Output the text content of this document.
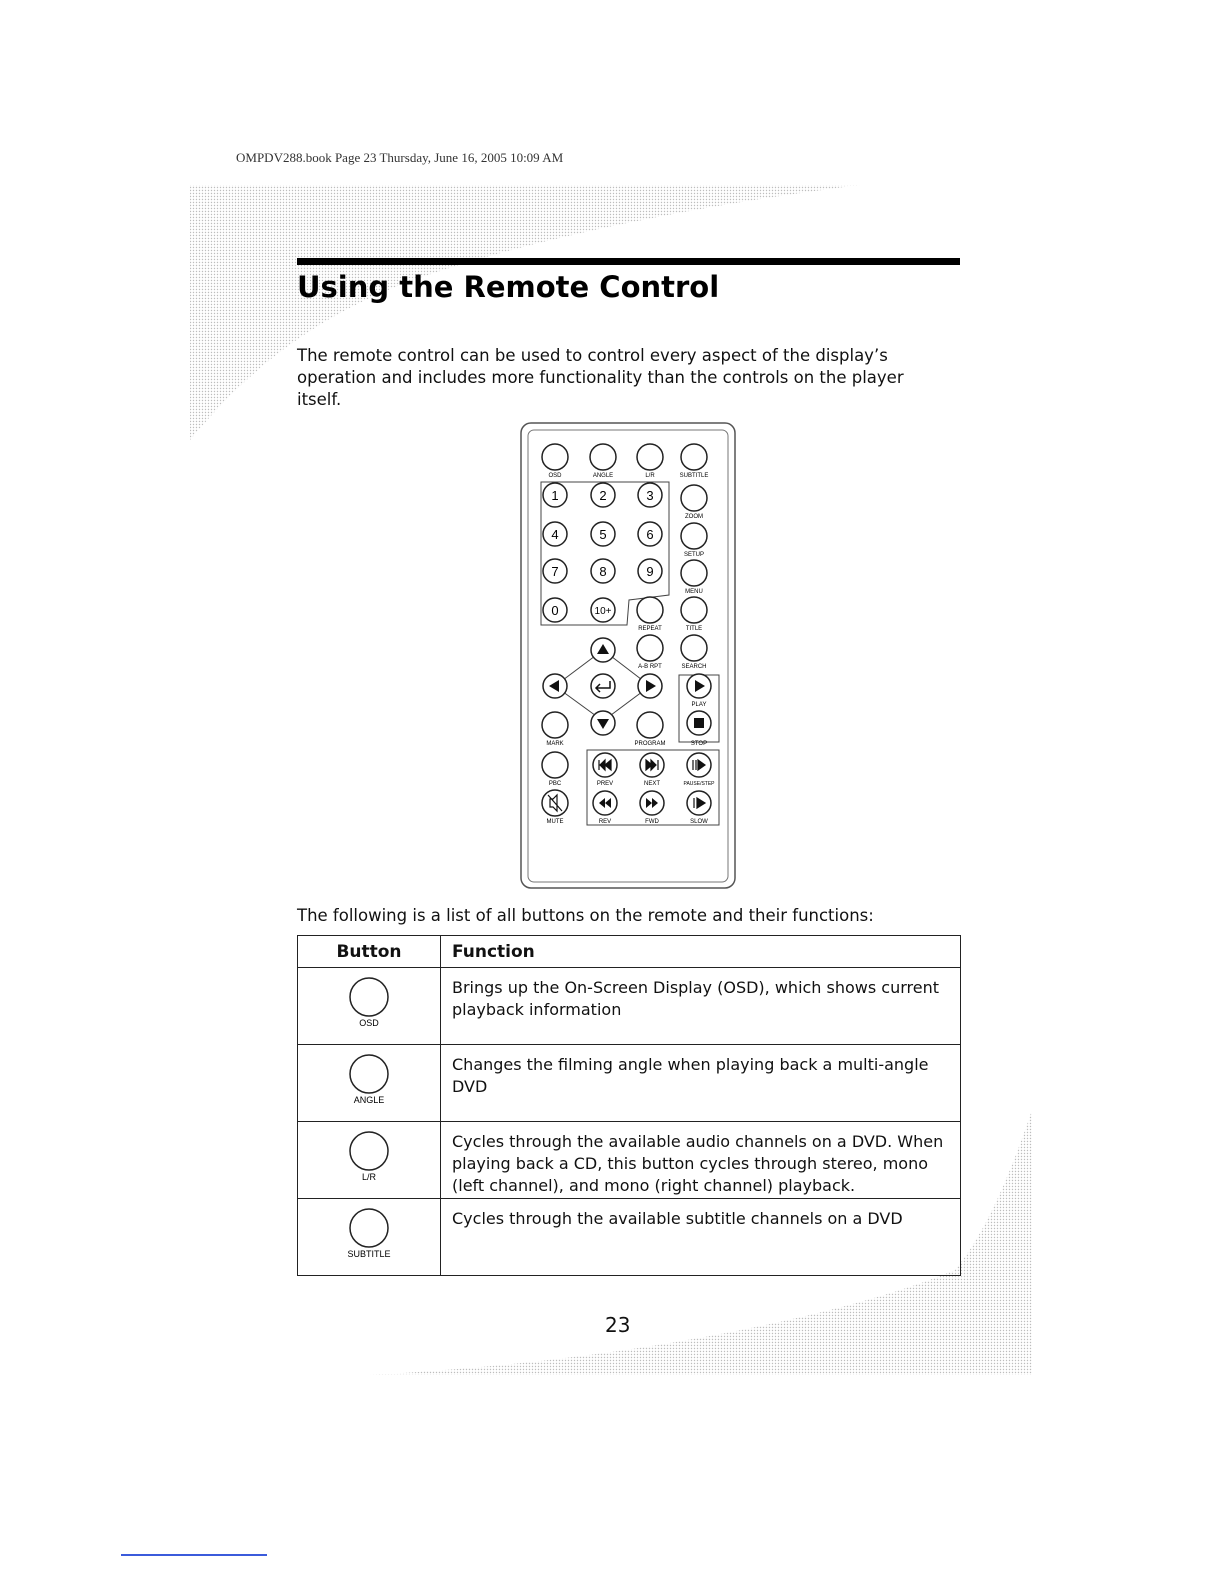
OMPDV288.book Page 23 Thursday, June 16, 2005 10:09 AM
Using the Remote Control

The remote control can be used to control every aspect of the display’s operation and includes more functionality than the controls on the player itself.

OSD	ANGLE	L/R	SUBTITLE
1	2	3
ZOOM
4	5	6
SETUP
7	8	9
MENU
0	10+
REPEAT	TITLE
A-B RPT	SEARCH
PLAY
MARK	PROGRAM	STOP
PBC	PREV	NEXT	PAUSE/STEP
MUTE	REV	FWD	SLOW

The following is a list of all buttons on the remote and their functions:

Button	Function

OSD	Brings up the On-Screen Display (OSD), which shows current playback information

ANGLE	Changes the filming angle when playing back a multi-angle DVD

L/R	Cycles through the available audio channels on a DVD. When playing back a CD, this button cycles through stereo, mono (left channel), and mono (right channel) playback.

SUBTITLE	Cycles through the available subtitle channels on a DVD
23
